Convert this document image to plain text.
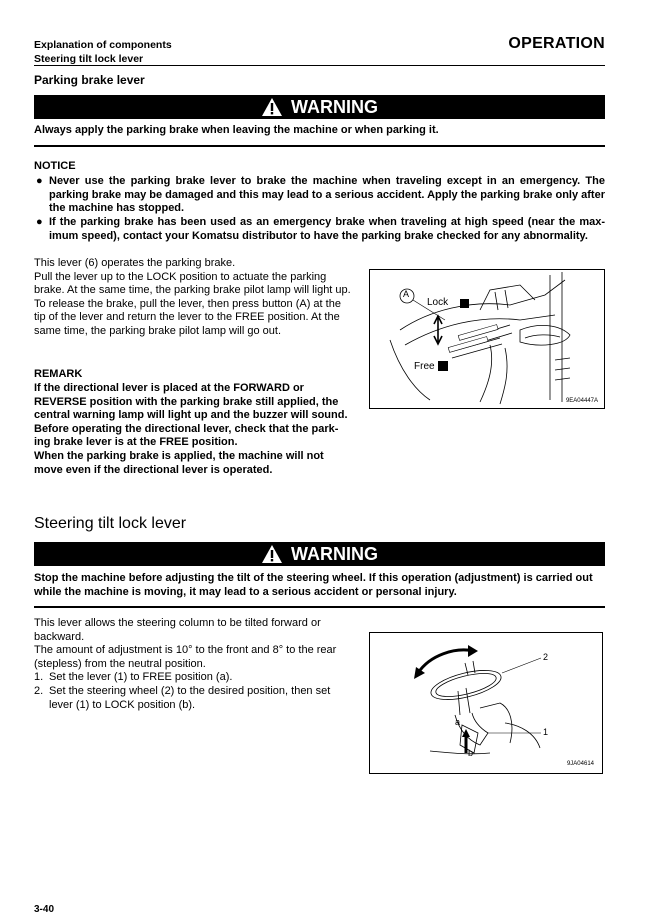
Explanation of components
Steering tilt lock lever
OPERATION
Parking brake lever
WARNING
Always apply the parking brake when leaving the machine or when parking it.
NOTICE
● Never use the parking brake lever to brake the machine when traveling except in an emergency. The parking brake may be damaged and this may lead to a serious accident. Apply the parking brake only after the machine has stopped.
● If the parking brake has been used as an emergency brake when traveling at high speed (near the max-imum speed), contact your Komatsu distributor to have the parking brake checked for any abnormality.
This lever (6) operates the parking brake.
Pull the lever up to the LOCK position to actuate the parking brake. At the same time, the parking brake pilot lamp will light up.
To release the brake, pull the lever, then press button (A) at the tip of the lever and return the lever to the FREE position. At the same time, the parking brake pilot lamp will go out.
REMARK
If the directional lever is placed at the FORWARD or REVERSE position with the parking brake still applied, the central warning lamp will light up and the buzzer will sound.
Before operating the directional lever, check that the park-ing brake lever is at the FREE position.
When the parking brake is applied, the machine will not move even if the directional lever is operated.
A
Lock
Free
9EA04447A
Steering tilt lock lever
WARNING
Stop the machine before adjusting the tilt of the steering wheel. If this operation (adjustment) is carried out while the machine is moving, it may lead to a serious accident or personal injury.
This lever allows the steering column to be tilted forward or backward.
The amount of adjustment is 10° to the front and 8° to the rear (stepless) from the neutral position.
1. Set the lever (1) to FREE position (a).
2. Set the steering wheel (2) to the desired position, then set lever (1) to LOCK position (b).
2
1
a
b
9JA04614
3-40
